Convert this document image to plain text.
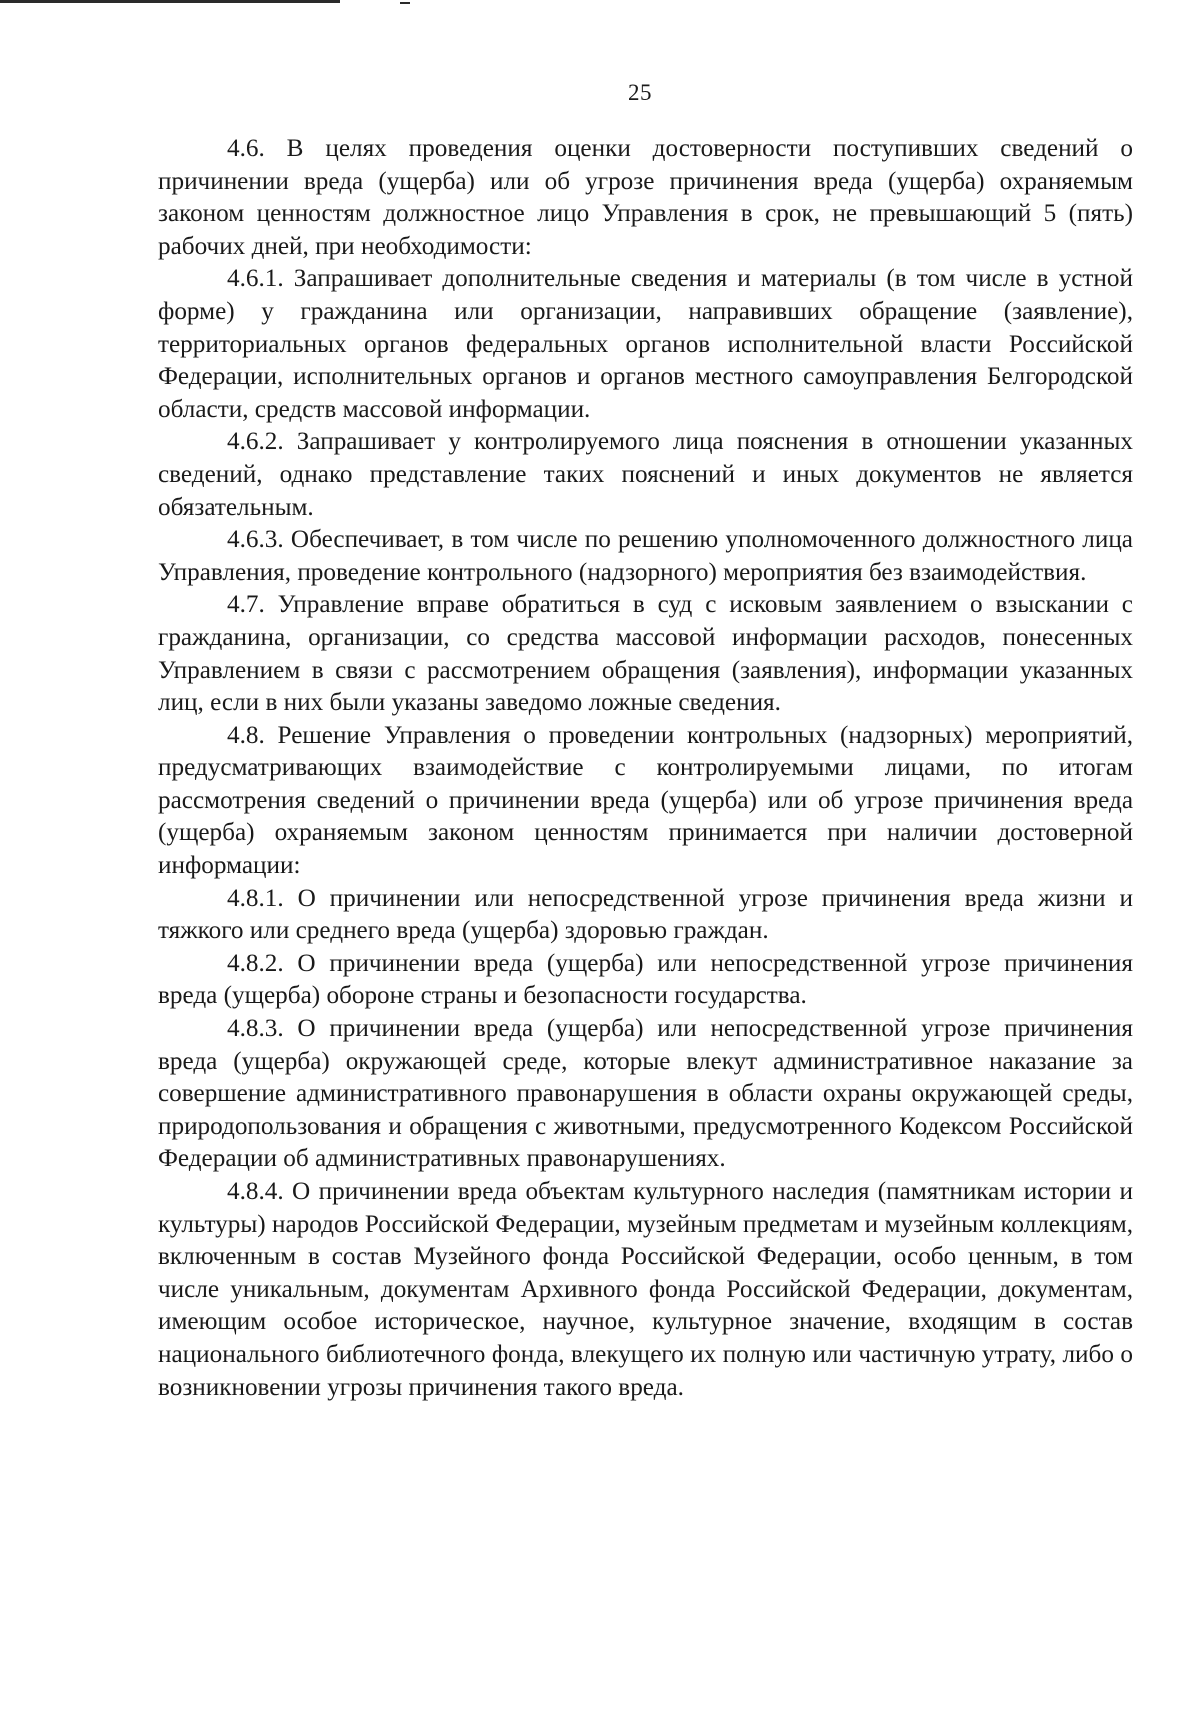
25

4.6. В целях проведения оценки достоверности поступивших сведений о причинении вреда (ущерба) или об угрозе причинения вреда (ущерба) охраняемым законом ценностям должностное лицо Управления в срок, не превышающий 5 (пять) рабочих дней, при необходимости:

4.6.1. Запрашивает дополнительные сведения и материалы (в том числе в устной форме) у гражданина или организации, направивших обращение (заявление), территориальных органов федеральных органов исполнительной власти Российской Федерации, исполнительных органов и органов местного самоуправления Белгородской области, средств массовой информации.

4.6.2. Запрашивает у контролируемого лица пояснения в отношении указанных сведений, однако представление таких пояснений и иных документов не является обязательным.

4.6.3. Обеспечивает, в том числе по решению уполномоченного должностного лица Управления, проведение контрольного (надзорного) мероприятия без взаимодействия.

4.7. Управление вправе обратиться в суд с исковым заявлением о взыскании с гражданина, организации, со средства массовой информации расходов, понесенных Управлением в связи с рассмотрением обращения (заявления), информации указанных лиц, если в них были указаны заведомо ложные сведения.

4.8. Решение Управления о проведении контрольных (надзорных) мероприятий, предусматривающих взаимодействие с контролируемыми лицами, по итогам рассмотрения сведений о причинении вреда (ущерба) или об угрозе причинения вреда (ущерба) охраняемым законом ценностям принимается при наличии достоверной информации:

4.8.1. О причинении или непосредственной угрозе причинения вреда жизни и тяжкого или среднего вреда (ущерба) здоровью граждан.

4.8.2. О причинении вреда (ущерба) или непосредственной угрозе причинения вреда (ущерба) обороне страны и безопасности государства.

4.8.3. О причинении вреда (ущерба) или непосредственной угрозе причинения вреда (ущерба) окружающей среде, которые влекут административное наказание за совершение административного правонарушения в области охраны окружающей среды, природопользования и обращения с животными, предусмотренного Кодексом Российской Федерации об административных правонарушениях.

4.8.4. О причинении вреда объектам культурного наследия (памятникам истории и культуры) народов Российской Федерации, музейным предметам и музейным коллекциям, включенным в состав Музейного фонда Российской Федерации, особо ценным, в том числе уникальным, документам Архивного фонда Российской Федерации, документам, имеющим особое историческое, научное, культурное значение, входящим в состав национального библиотечного фонда, влекущего их полную или частичную утрату, либо о возникновении угрозы причинения такого вреда.
